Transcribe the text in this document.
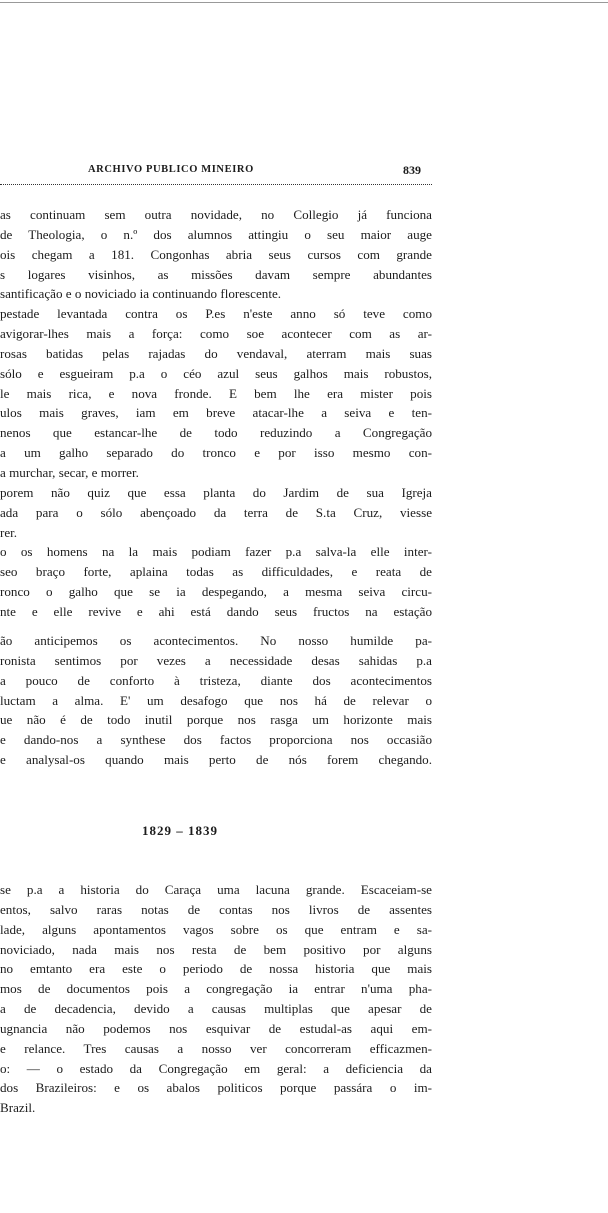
ARCHIVO PUBLICO MINEIRO	839
as continuam sem outra novidade, no Collegio já funciona
de Theologia, o n.º dos alumnos attingiu o seu maior auge
ois chegam a 181. Congonhas abria seus cursos com grande
s logares visinhos, as missões davam sempre abundantes
santificação e o noviciado ia continuando florescente.
pestade levantada contra os P.es n'este anno só teve como
avigorar-lhes mais a força: como soe acontecer com as ar-
rosas batidas pelas rajadas do vendaval, aterram mais suas
sólo e esgueiram p.a o céo azul seus galhos mais robustos,
le mais rica, e nova fronde. E bem lhe era mister pois
ulos mais graves, iam em breve atacar-lhe a seiva e ten-
nenos que estancar-lhe de todo reduzindo a Congregação
a um galho separado do tronco e por isso mesmo con-
a murchar, secar, e morrer.
porem não quiz que essa planta do Jardim de sua Igreja
ada para o sólo abençoado da terra de S.ta Cruz, viesse
rer.
o os homens na la mais podiam fazer p.a salva-la elle inter-
seo braço forte, aplaina todas as difficuldades, e reata de
ronco o galho que se ia despegando, a mesma seiva circu-
nte e elle revive e ahi está dando seus fructos na estação
ão anticipemos os acontecimentos. No nosso humilde pa-
ronista sentimos por vezes a necessidade desas sahidas p.a
a pouco de conforto à tristeza, diante dos acontecimentos
luctam a alma. E' um desafogo que nos há de relevar o
ue não é de todo inutil porque nos rasga um horizonte mais
e dando-nos a synthese dos factos proporciona nos occasião
e analysal-os quando mais perto de nós forem chegando.
1829 – 1839
se p.a a historia do Caraça uma lacuna grande. Escaceiam-se
entos, salvo raras notas de contas nos livros de assentes
lade, alguns apontamentos vagos sobre os que entram e sa-
noviciado, nada mais nos resta de bem positivo por alguns
no emtanto era este o periodo de nossa historia que mais
mos de documentos pois a congregação ia entrar n'uma pha-
a de decadencia, devido a causas multiplas que apesar de
ugnancia não podemos nos esquivar de estudal-as aqui em-
e relance. Tres causas a nosso ver concorreram efficazmen-
o: — o estado da Congregação em geral: a deficiencia da
dos Brazileiros: e os abalos politicos porque passára o im-
Brazil.
